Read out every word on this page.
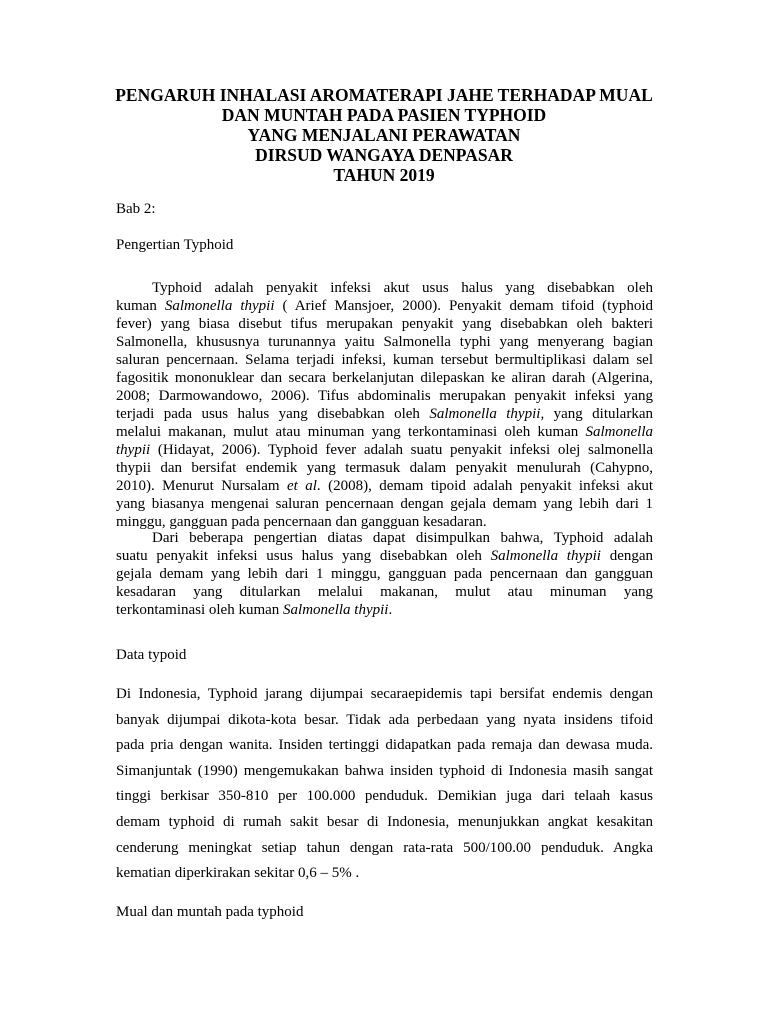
PENGARUH INHALASI AROMATERAPI JAHE TERHADAP MUAL
DAN MUNTAH PADA PASIEN TYPHOID
YANG MENJALANI PERAWATAN
DIRSUD WANGAYA DENPASAR
TAHUN 2019
Bab 2:
Pengertian Typhoid
Typhoid adalah penyakit infeksi akut usus halus yang disebabkan oleh
kuman Salmonella thypii ( Arief Mansjoer, 2000). Penyakit demam tifoid (typhoid
fever) yang biasa disebut tifus merupakan penyakit yang disebabkan oleh bakteri
Salmonella, khususnya turunannya yaitu Salmonella typhi yang menyerang bagian
saluran pencernaan. Selama terjadi infeksi, kuman tersebut bermultiplikasi dalam sel
fagositik mononuklear dan secara berkelanjutan dilepaskan ke aliran darah (Algerina,
2008; Darmowandowo, 2006). Tifus abdominalis merupakan penyakit infeksi yang
terjadi pada usus halus yang disebabkan oleh Salmonella thypii, yang ditularkan
melalui makanan, mulut atau minuman yang terkontaminasi oleh kuman Salmonella
thypii (Hidayat, 2006). Typhoid fever adalah suatu penyakit infeksi olej salmonella
thypii dan bersifat endemik yang termasuk dalam penyakit menulurah (Cahypno,
2010). Menurut Nursalam et al. (2008), demam tipoid adalah penyakit infeksi akut
yang biasanya mengenai saluran pencernaan dengan gejala demam yang lebih dari 1
minggu, gangguan pada pencernaan dan gangguan kesadaran.
Dari beberapa pengertian diatas dapat disimpulkan bahwa, Typhoid adalah
suatu penyakit infeksi usus halus yang disebabkan oleh Salmonella thypii dengan
gejala demam yang lebih dari 1 minggu, gangguan pada pencernaan dan gangguan
kesadaran yang ditularkan melalui makanan, mulut atau minuman yang
terkontaminasi oleh kuman Salmonella thypii.
Data typoid
Di Indonesia, Typhoid jarang dijumpai secaraepidemis tapi bersifat endemis dengan
banyak dijumpai dikota-kota besar. Tidak ada perbedaan yang nyata insidens tifoid
pada pria dengan wanita. Insiden tertinggi didapatkan pada remaja dan dewasa muda.
Simanjuntak (1990) mengemukakan bahwa insiden typhoid di Indonesia masih sangat
tinggi berkisar 350-810 per 100.000 penduduk. Demikian juga dari telaah kasus
demam typhoid di rumah sakit besar di Indonesia, menunjukkan angkat kesakitan
cenderung meningkat setiap tahun dengan rata-rata 500/100.00 penduduk. Angka
kematian diperkirakan sekitar 0,6 – 5% .
Mual dan muntah pada typhoid
